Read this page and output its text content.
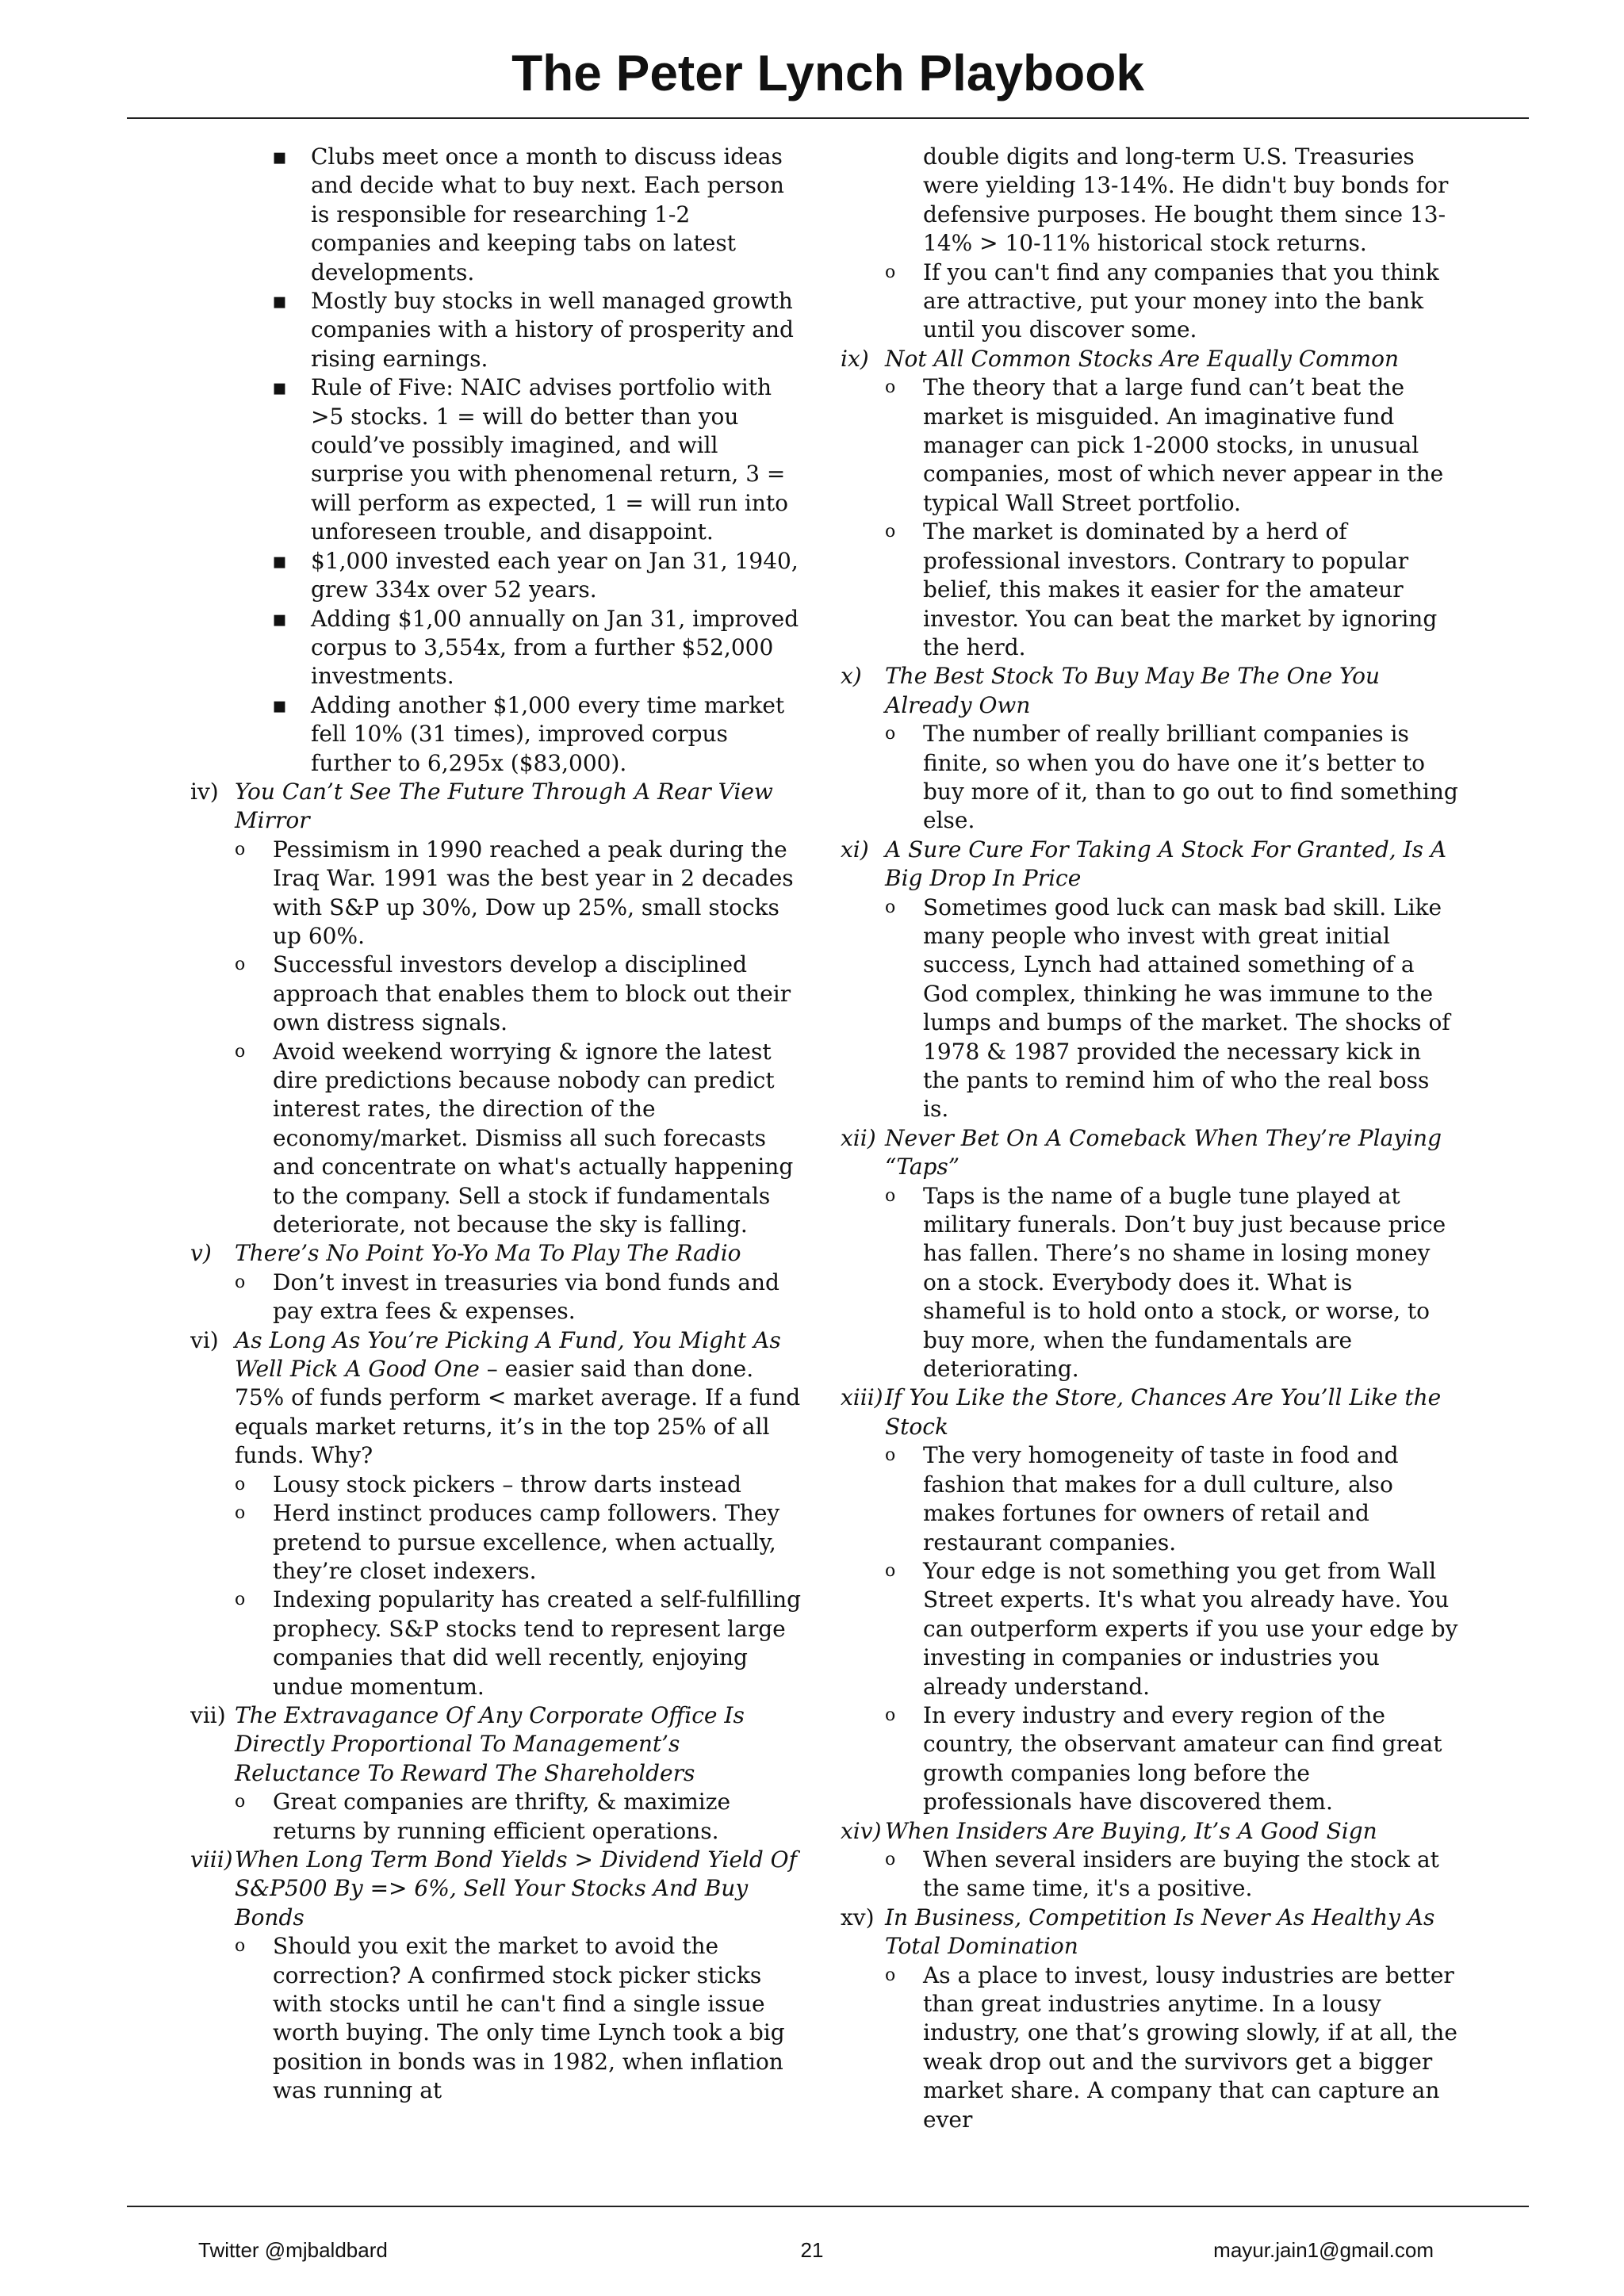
The Peter Lynch Playbook
▪
Clubs meet once a month to discuss ideas and decide what to buy next. Each person is responsible for researching 1-2 companies and keeping tabs on latest developments.
▪
Mostly buy stocks in well managed growth companies with a history of prosperity and rising earnings.
▪
Rule of Five: NAIC advises portfolio with >5 stocks. 1 = will do better than you could’ve possibly imagined, and will surprise you with phenomenal return, 3 = will perform as expected, 1 = will run into unforeseen trouble, and disappoint.
▪
$1,000 invested each year on Jan 31, 1940, grew 334x over 52 years.
▪
Adding $1,00 annually on Jan 31, improved corpus to 3,554x, from a further $52,000 investments.
▪
Adding another $1,000 every time market fell 10% (31 times), improved corpus further to 6,295x ($83,000).
iv) You Can’t See The Future Through A Rear View Mirror
o
Pessimism in 1990 reached a peak during the Iraq War. 1991 was the best year in 2 decades with S&P up 30%, Dow up 25%, small stocks up 60%.
o
Successful investors develop a disciplined approach that enables them to block out their own distress signals.
o
Avoid weekend worrying & ignore the latest dire predictions because nobody can predict interest rates, the direction of the economy/market. Dismiss all such forecasts and concentrate on what's actually happening to the company. Sell a stock if fundamentals deteriorate, not because the sky is falling.
v) There’s No Point Yo-Yo Ma To Play The Radio
o
Don’t invest in treasuries via bond funds and pay extra fees & expenses.
vi) As Long As You’re Picking A Fund, You Might As Well Pick A Good One – easier said than done. 75% of funds perform < market average. If a fund equals market returns, it’s in the top 25% of all funds. Why?
o
Lousy stock pickers – throw darts instead
o
Herd instinct produces camp followers. They pretend to pursue excellence, when actually, they’re closet indexers.
o
Indexing popularity has created a self-fulfilling prophecy. S&P stocks tend to represent large companies that did well recently, enjoying undue momentum.
vii) The Extravagance Of Any Corporate Office Is Directly Proportional To Management’s Reluctance To Reward The Shareholders
o
Great companies are thrifty, & maximize returns by running efficient operations.
viii) When Long Term Bond Yields > Dividend Yield Of S&P500 By => 6%, Sell Your Stocks And Buy Bonds
o
Should you exit the market to avoid the correction? A confirmed stock picker sticks with stocks until he can't find a single issue worth buying. The only time Lynch took a big position in bonds was in 1982, when inflation was running at
double digits and long-term U.S. Treasuries were yielding 13-14%. He didn't buy bonds for defensive purposes. He bought them since 13-14% > 10-11% historical stock returns.
o
If you can't find any companies that you think are attractive, put your money into the bank until you discover some.
ix) Not All Common Stocks Are Equally Common
o
The theory that a large fund can’t beat the market is misguided. An imaginative fund manager can pick 1-2000 stocks, in unusual companies, most of which never appear in the typical Wall Street portfolio.
o
The market is dominated by a herd of professional investors. Contrary to popular belief, this makes it easier for the amateur investor. You can beat the market by ignoring the herd.
x) The Best Stock To Buy May Be The One You Already Own
o
The number of really brilliant companies is finite, so when you do have one it’s better to buy more of it, than to go out to find something else.
xi) A Sure Cure For Taking A Stock For Granted, Is A Big Drop In Price
o
Sometimes good luck can mask bad skill. Like many people who invest with great initial success, Lynch had attained something of a God complex, thinking he was immune to the lumps and bumps of the market. The shocks of 1978 & 1987 provided the necessary kick in the pants to remind him of who the real boss is.
xii) Never Bet On A Comeback When They’re Playing “Taps”
o
Taps is the name of a bugle tune played at military funerals. Don’t buy just because price has fallen. There’s no shame in losing money on a stock. Everybody does it. What is shameful is to hold onto a stock, or worse, to buy more, when the fundamentals are deteriorating.
xiii) If You Like the Store, Chances Are You’ll Like the Stock
o
The very homogeneity of taste in food and fashion that makes for a dull culture, also makes fortunes for owners of retail and restaurant companies.
o
Your edge is not something you get from Wall Street experts. It's what you already have. You can outperform experts if you use your edge by investing in companies or industries you already understand.
o
In every industry and every region of the country, the observant amateur can find great growth companies long before the professionals have discovered them.
xiv) When Insiders Are Buying, It’s A Good Sign
o
When several insiders are buying the stock at the same time, it's a positive.
xv) In Business, Competition Is Never As Healthy As Total Domination
o
As a place to invest, lousy industries are better than great industries anytime. In a lousy industry, one that’s growing slowly, if at all, the weak drop out and the survivors get a bigger market share. A company that can capture an ever
Twitter @mjbaldbard	21	mayur.jain1@gmail.com
